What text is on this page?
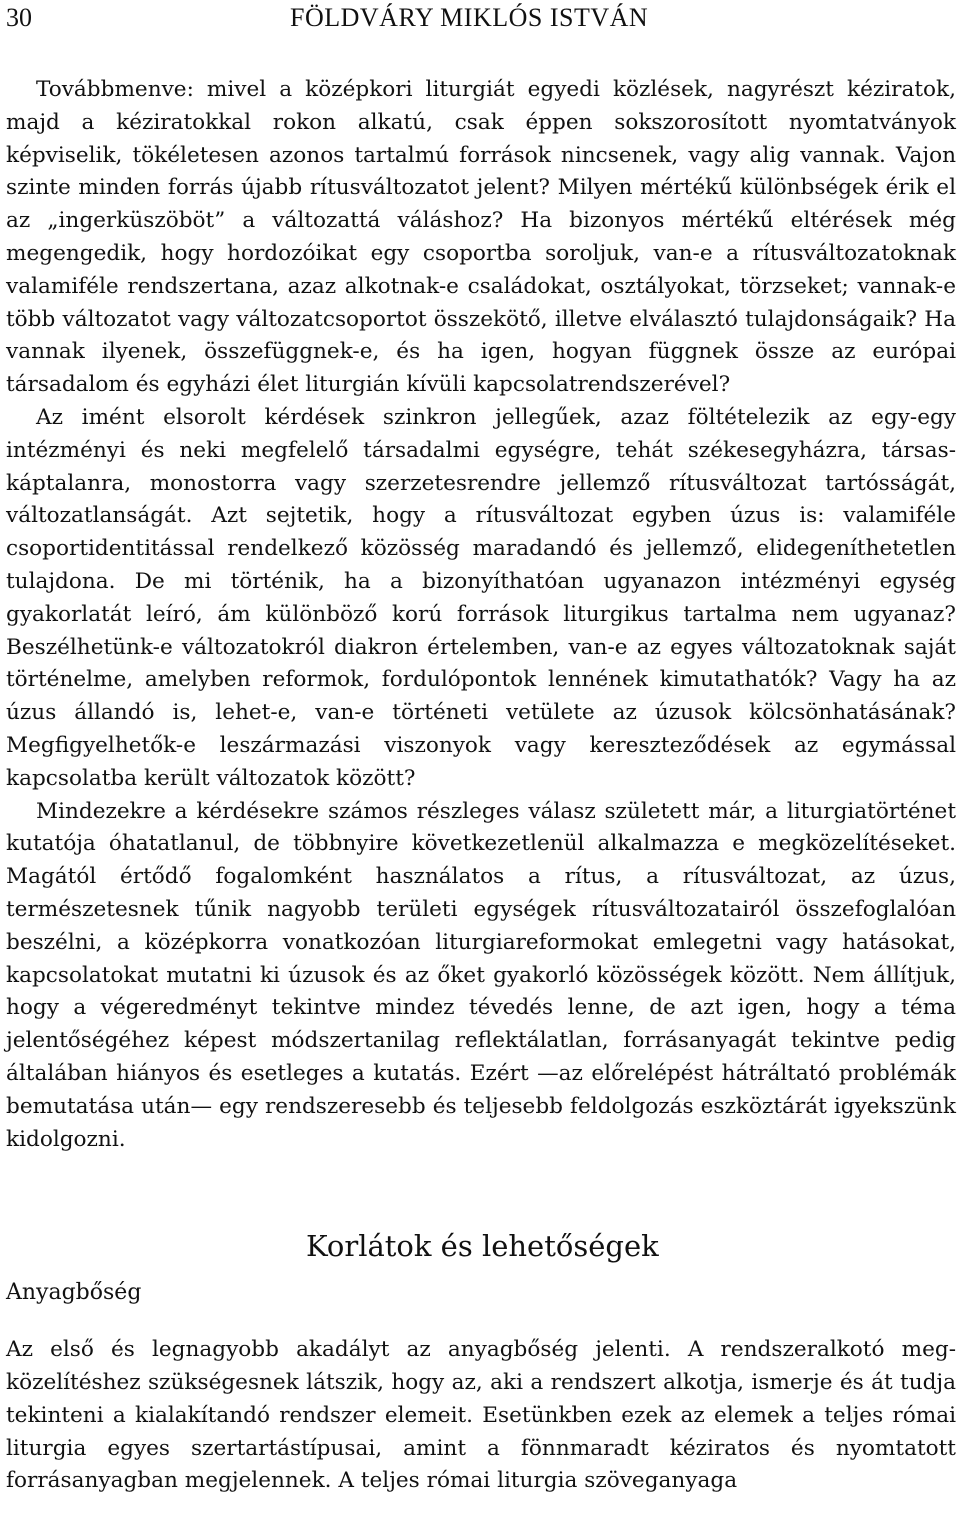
30	FÖLDVÁRY MIKLÓS ISTVÁN

Továbbmenve: mivel a középkori liturgiát egyedi közlések, nagyrészt kéziratok, majd a kéziratokkal rokon alkatú, csak éppen sokszorosított nyomtatványok képviselik, tökéletesen azonos tartalmú források nincsenek, vagy alig vannak. Vajon szinte minden forrás újabb rítusváltozatot jelent? Milyen mértékű különbségek érik el az „ingerküszöböt” a változattá váláshoz? Ha bizonyos mértékű eltérések még megengedik, hogy hordozóikat egy csoportba soroljuk, van-e a rítusváltozatoknak valamiféle rendszertana, azaz alkotnak-e családokat, osztályokat, törzseket; vannak-e több változatot vagy változatcsoportot összekötő, illetve elválasztó tulajdonságaik? Ha vannak ilyenek, összefüggnek-e, és ha igen, hogyan függnek össze az európai társadalom és egyházi élet liturgián kívüli kapcsolatrendszerével?

Az imént elsorolt kérdések szinkron jellegűek, azaz föltételezik az egy-egy intézményi és neki megfelelő társadalmi egységre, tehát székesegyházra, társaskáptalanra, monostorra vagy szerzetesrendre jellemző rítusváltozat tartósságát, változatlanságát. Azt sejtetik, hogy a rítusváltozat egyben úzus is: valamiféle csoportidentitással rendelkező közösség maradandó és jellemző, elidegeníthetetlen tulajdona. De mi történik, ha a bizonyíthatóan ugyanazon intézményi egység gyakorlatát leíró, ám különböző korú források liturgikus tartalma nem ugyanaz? Beszélhetünk-e változatokról diakron értelemben, van-e az egyes változatoknak saját történelme, amelyben reformok, fordulópontok lennének kimutathatók? Vagy ha az úzus állandó is, lehet-e, van-e történeti vetülete az úzusok kölcsönhatásának? Megfigyelhetők-e leszármazási viszonyok vagy kereszteződések az egymással kapcsolatba került változatok között?

Mindezekre a kérdésekre számos részleges válasz született már, a liturgiatörténet kutatója óhatatlanul, de többnyire következetlenül alkalmazza e megközelítéseket. Magától értődő fogalomként használatos a rítus, a rítusváltozat, az úzus, természetesnek tűnik nagyobb területi egységek rítusváltozatairól összefoglalóan beszélni, a középkorra vonatkozóan liturgiareformokat emlegetni vagy hatásokat, kapcsolatokat mutatni ki úzusok és az őket gyakorló közösségek között. Nem állítjuk, hogy a végeredményt tekintve mindez tévedés lenne, de azt igen, hogy a téma jelentőségéhez képest módszertanilag reflektálatlan, forrásanyagát tekintve pedig általában hiányos és esetleges a kutatás. Ezért —az előrelépést hátráltató problémák bemutatása után— egy rendszeresebb és teljesebb feldolgozás eszköztárát igyekszünk kidolgozni.

Korlátok és lehetőségek
Anyagbőség

Az első és legnagyobb akadályt az anyagbőség jelenti. A rendszeralkotó megközelítéshez szükségesnek látszik, hogy az, aki a rendszert alkotja, ismerje és át tudja tekinteni a kialakítandó rendszer elemeit. Esetünkben ezek az elemek a teljes római liturgia egyes szertartástípusai, amint a fönnmaradt kéziratos és nyomtatott forrásanyagban megjelennek. A teljes római liturgia szöveganyaga
